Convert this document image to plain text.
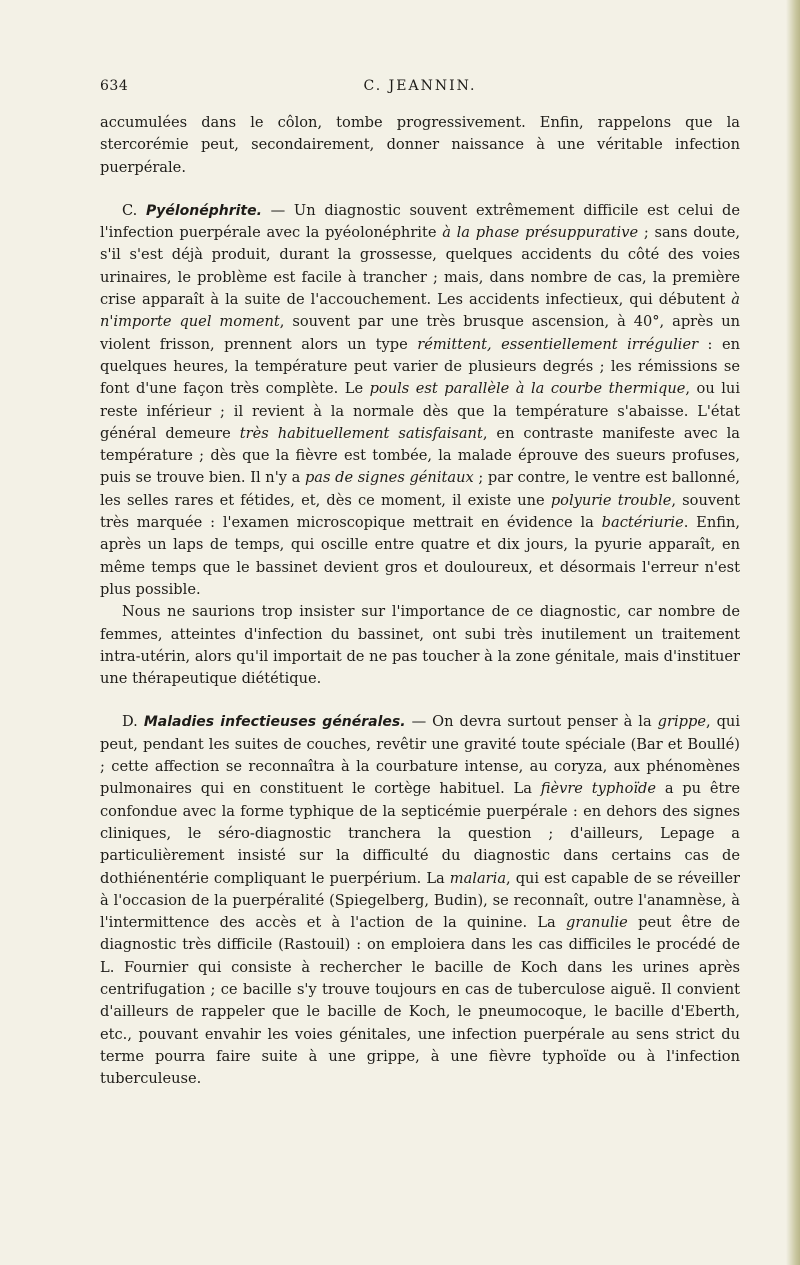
634	C. JEANNIN.

accumulées dans le côlon, tombe progressivement. Enfin, rappelons que la stercorémie peut, secondairement, donner naissance à une véritable infection puerpérale.

C. Pyélonéphrite. — Un diagnostic souvent extrêmement difficile est celui de l'infection puerpérale avec la pyéolonéphrite à la phase présuppurative ; sans doute, s'il s'est déjà produit, durant la grossesse, quelques accidents du côté des voies urinaires, le problème est facile à trancher ; mais, dans nombre de cas, la première crise apparaît à la suite de l'accouchement. Les accidents infectieux, qui débutent à n'importe quel moment, souvent par une très brusque ascension, à 40°, après un violent frisson, prennent alors un type rémittent, essentiellement irrégulier : en quelques heures, la température peut varier de plusieurs degrés ; les rémissions se font d'une façon très complète. Le pouls est parallèle à la courbe thermique, ou lui reste inférieur ; il revient à la normale dès que la température s'abaisse. L'état général demeure très habituellement satisfaisant, en contraste manifeste avec la température ; dès que la fièvre est tombée, la malade éprouve des sueurs profuses, puis se trouve bien. Il n'y a pas de signes génitaux ; par contre, le ventre est ballonné, les selles rares et fétides, et, dès ce moment, il existe une polyurie trouble, souvent très marquée : l'examen microscopique mettrait en évidence la bactériurie. Enfin, après un laps de temps, qui oscille entre quatre et dix jours, la pyurie apparaît, en même temps que le bassinet devient gros et douloureux, et désormais l'erreur n'est plus possible.

Nous ne saurions trop insister sur l'importance de ce diagnostic, car nombre de femmes, atteintes d'infection du bassinet, ont subi très inutilement un traitement intra-utérin, alors qu'il importait de ne pas toucher à la zone génitale, mais d'instituer une thérapeutique diététique.

D. Maladies infectieuses générales. — On devra surtout penser à la grippe, qui peut, pendant les suites de couches, revêtir une gravité toute spéciale (Bar et Boullé) ; cette affection se reconnaîtra à la courbature intense, au coryza, aux phénomènes pulmonaires qui en constituent le cortège habituel. La fièvre typhoïde a pu être confondue avec la forme typhique de la septicémie puerpérale : en dehors des signes cliniques, le séro-diagnostic tranchera la question ; d'ailleurs, Lepage a particulièrement insisté sur la difficulté du diagnostic dans certains cas de dothiénentérie compliquant le puerpérium. La malaria, qui est capable de se réveiller à l'occasion de la puerpéralité (Spiegelberg, Budin), se reconnaît, outre l'anamnèse, à l'intermittence des accès et à l'action de la quinine. La granulie peut être de diagnostic très difficile (Rastouil) : on emploiera dans les cas difficiles le procédé de L. Fournier qui consiste à rechercher le bacille de Koch dans les urines après centrifugation ; ce bacille s'y trouve toujours en cas de tuberculose aiguë. Il convient d'ailleurs de rappeler que le bacille de Koch, le pneumocoque, le bacille d'Eberth, etc., pouvant envahir les voies génitales, une infection puerpérale au sens strict du terme pourra faire suite à une grippe, à une fièvre typhoïde ou à l'infection tuberculeuse.
